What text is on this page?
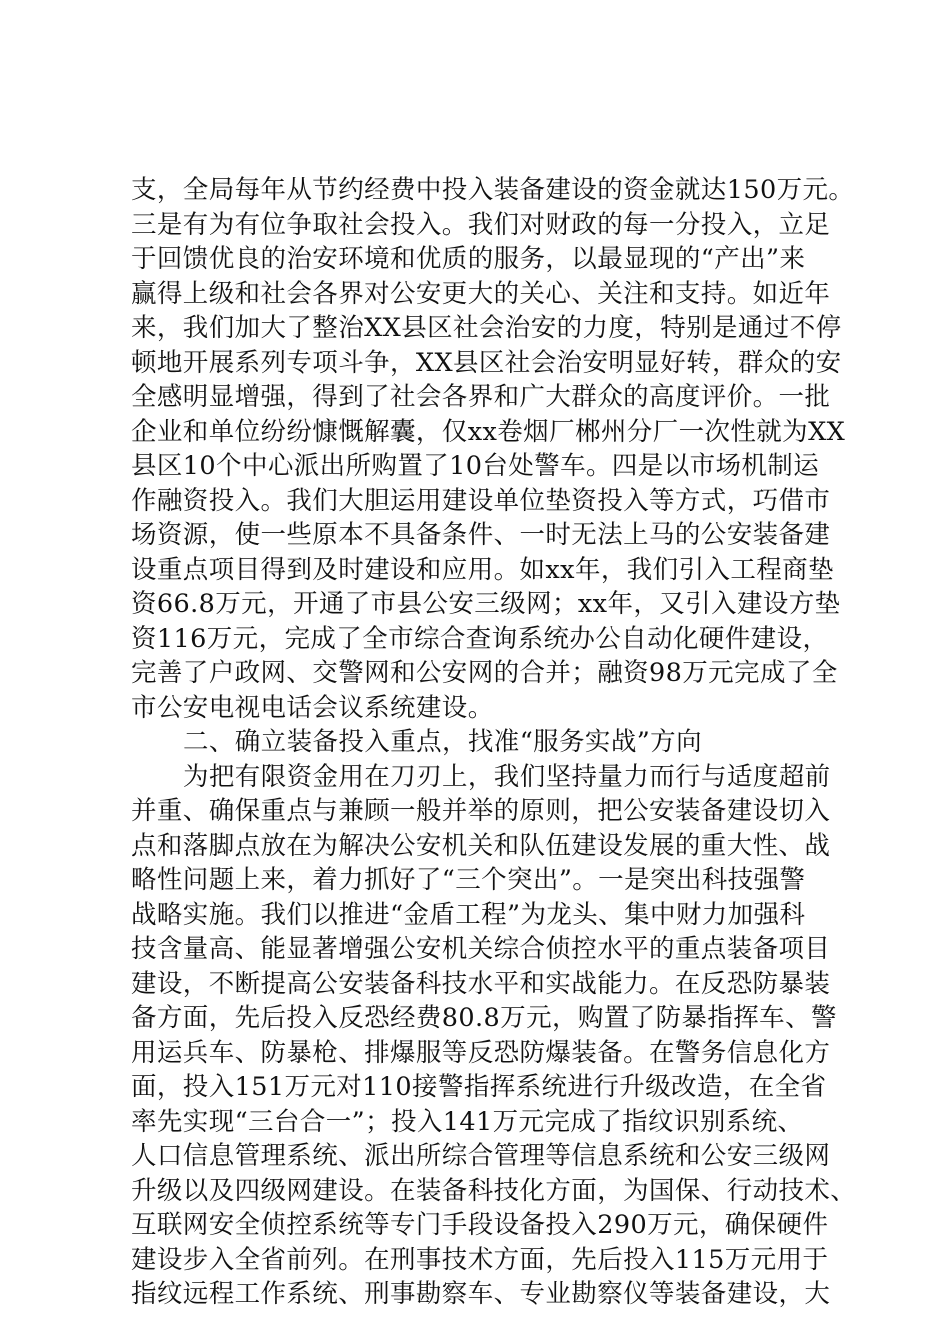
支，全局每年从节约经费中投入装备建设的资金就达150万元。
三是有为有位争取社会投入。我们对财政的每一分投入，立足
于回馈优良的治安环境和优质的服务，以最显现的“产出”来
赢得上级和社会各界对公安更大的关心、关注和支持。如近年
来，我们加大了整治XX县区社会治安的力度，特别是通过不停
顿地开展系列专项斗争，XX县区社会治安明显好转，群众的安
全感明显增强，得到了社会各界和广大群众的高度评价。一批
企业和单位纷纷慷慨解囊，仅xx卷烟厂郴州分厂一次性就为XX
县区10个中心派出所购置了10台处警车。四是以市场机制运
作融资投入。我们大胆运用建设单位垫资投入等方式，巧借市
场资源，使一些原本不具备条件、一时无法上马的公安装备建
设重点项目得到及时建设和应用。如xx年，我们引入工程商垫
资66.8万元，开通了市县公安三级网；xx年，又引入建设方垫
资116万元，完成了全市综合查询系统办公自动化硬件建设，
完善了户政网、交警网和公安网的合并；融资98万元完成了全
市公安电视电话会议系统建设。
二、确立装备投入重点，找准“服务实战”方向
为把有限资金用在刀刃上，我们坚持量力而行与适度超前
并重、确保重点与兼顾一般并举的原则，把公安装备建设切入
点和落脚点放在为解决公安机关和队伍建设发展的重大性、战
略性问题上来，着力抓好了“三个突出”。一是突出科技强警
战略实施。我们以推进“金盾工程”为龙头、集中财力加强科
技含量高、能显著增强公安机关综合侦控水平的重点装备项目
建设，不断提高公安装备科技水平和实战能力。在反恐防暴装
备方面，先后投入反恐经费80.8万元，购置了防暴指挥车、警
用运兵车、防暴枪、排爆服等反恐防爆装备。在警务信息化方
面，投入151万元对110接警指挥系统进行升级改造，在全省
率先实现“三台合一”；投入141万元完成了指纹识别系统、
人口信息管理系统、派出所综合管理等信息系统和公安三级网
升级以及四级网建设。在装备科技化方面，为国保、行动技术、
互联网安全侦控系统等专门手段设备投入290万元，确保硬件
建设步入全省前列。在刑事技术方面，先后投入115万元用于
指纹远程工作系统、刑事勘察车、专业勘察仪等装备建设，大
